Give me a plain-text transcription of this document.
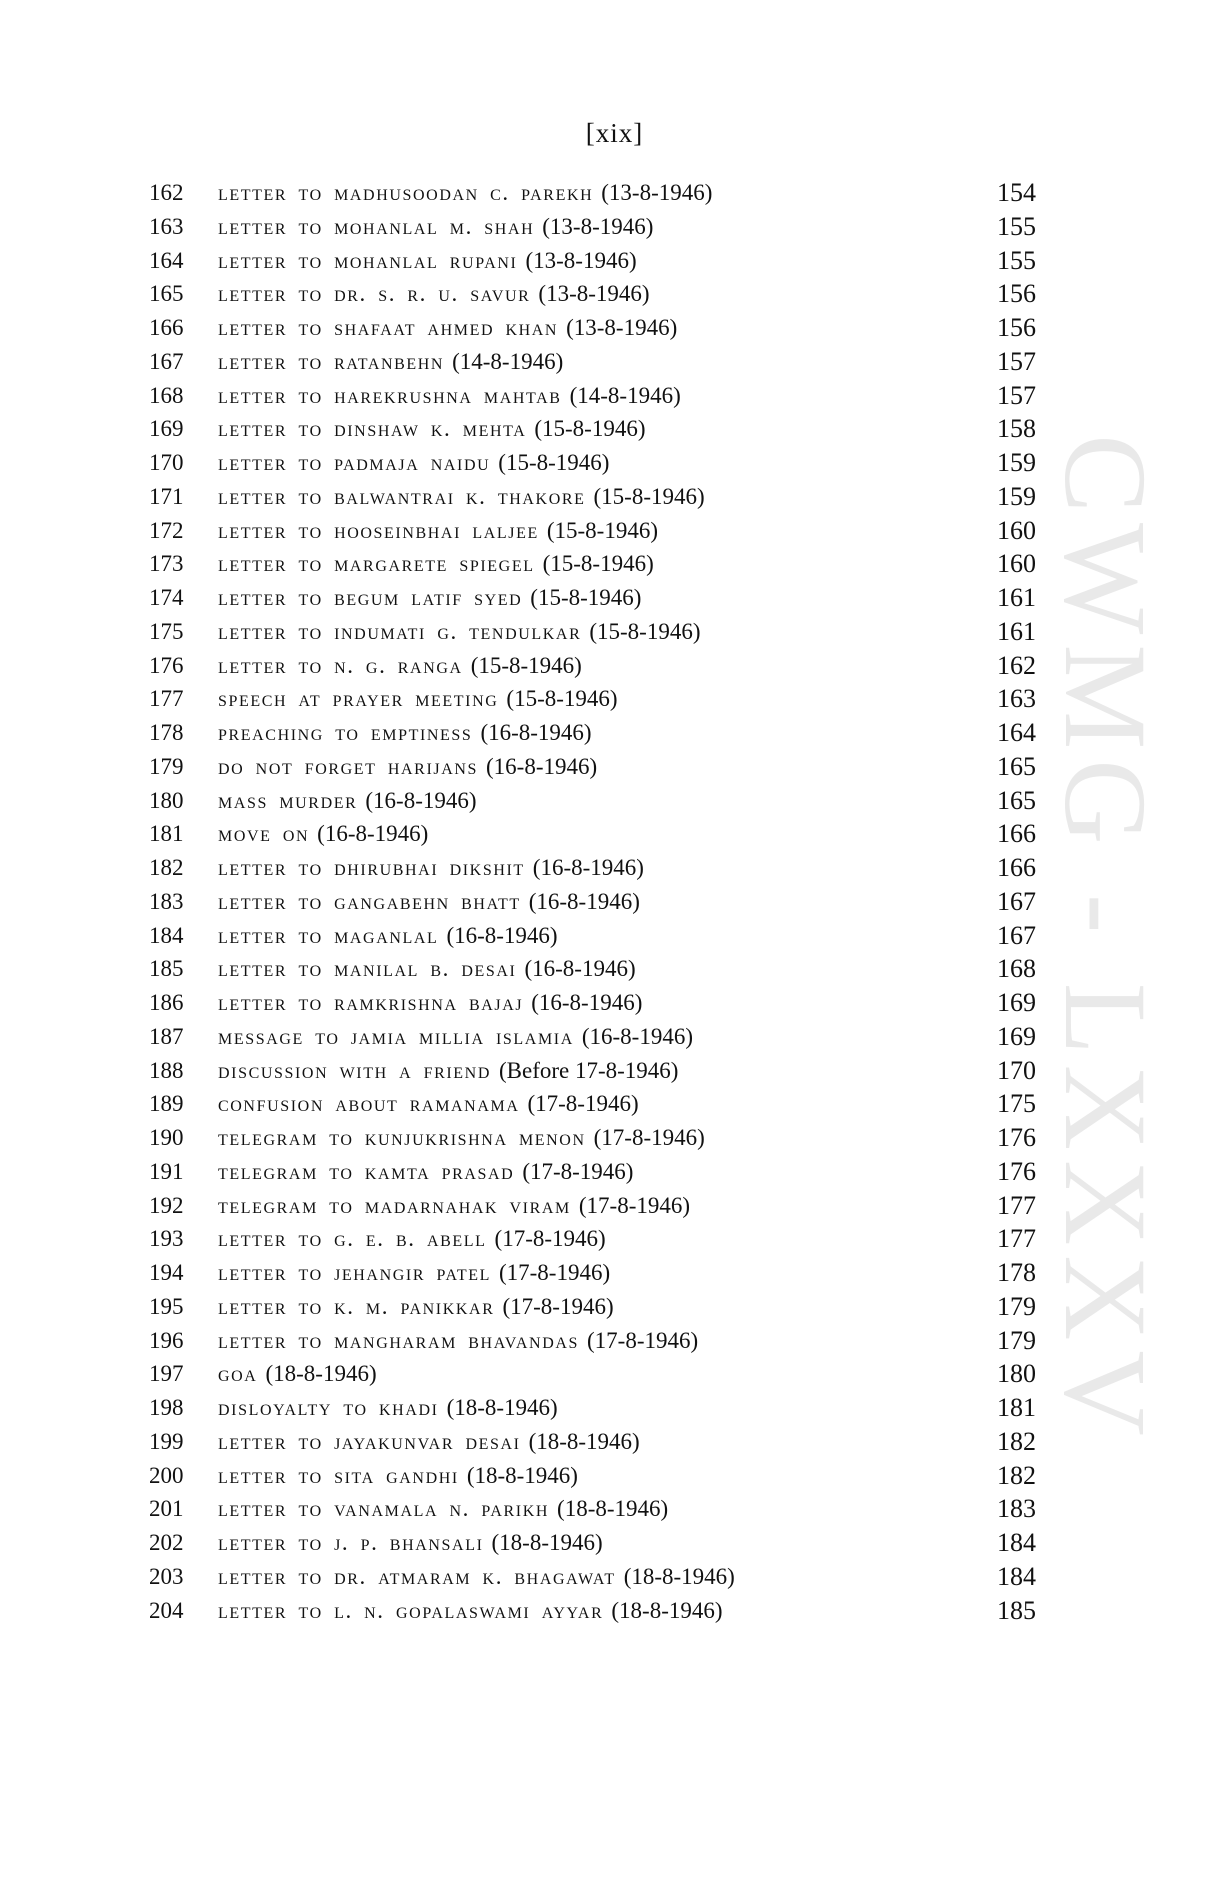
CWMG - LXXXV
[xix]
162	letter to madhusoodan c. parekh (13-8-1946)	154
163	letter to mohanlal m. shah (13-8-1946)	155
164	letter to mohanlal rupani (13-8-1946)	155
165	letter to dr. s. r. u. savur (13-8-1946)	156
166	letter to shafaat ahmed khan (13-8-1946)	156
167	letter to ratanbehn (14-8-1946)	157
168	letter to harekrushna mahtab (14-8-1946)	157
169	letter to dinshaw k. mehta (15-8-1946)	158
170	letter to padmaja naidu (15-8-1946)	159
171	letter to balwantrai k. thakore (15-8-1946)	159
172	letter to hooseinbhai laljee (15-8-1946)	160
173	letter to margarete spiegel (15-8-1946)	160
174	letter to begum latif syed (15-8-1946)	161
175	letter to indumati g. tendulkar (15-8-1946)	161
176	letter to n. g. ranga (15-8-1946)	162
177	speech at prayer meeting (15-8-1946)	163
178	preaching to emptiness (16-8-1946)	164
179	do not forget harijans (16-8-1946)	165
180	mass murder (16-8-1946)	165
181	move on (16-8-1946)	166
182	letter to dhirubhai dikshit (16-8-1946)	166
183	letter to gangabehn bhatt (16-8-1946)	167
184	letter to maganlal (16-8-1946)	167
185	letter to manilal b. desai (16-8-1946)	168
186	letter to ramkrishna bajaj (16-8-1946)	169
187	message to jamia millia islamia (16-8-1946)	169
188	discussion with a friend (Before 17-8-1946)	170
189	confusion about ramanama (17-8-1946)	175
190	telegram to kunjukrishna menon (17-8-1946)	176
191	telegram to kamta prasad (17-8-1946)	176
192	telegram to madarnahak viram (17-8-1946)	177
193	letter to g. e. b. abell (17-8-1946)	177
194	letter to jehangir patel (17-8-1946)	178
195	letter to k. m. panikkar (17-8-1946)	179
196	letter to mangharam bhavandas (17-8-1946)	179
197	goa (18-8-1946)	180
198	disloyalty to khadi (18-8-1946)	181
199	letter to jayakunvar desai (18-8-1946)	182
200	letter to sita gandhi (18-8-1946)	182
201	letter to vanamala n. parikh (18-8-1946)	183
202	letter to j. p. bhansali (18-8-1946)	184
203	letter to dr. atmaram k. bhagawat (18-8-1946)	184
204	letter to l. n. gopalaswami ayyar (18-8-1946)	185
